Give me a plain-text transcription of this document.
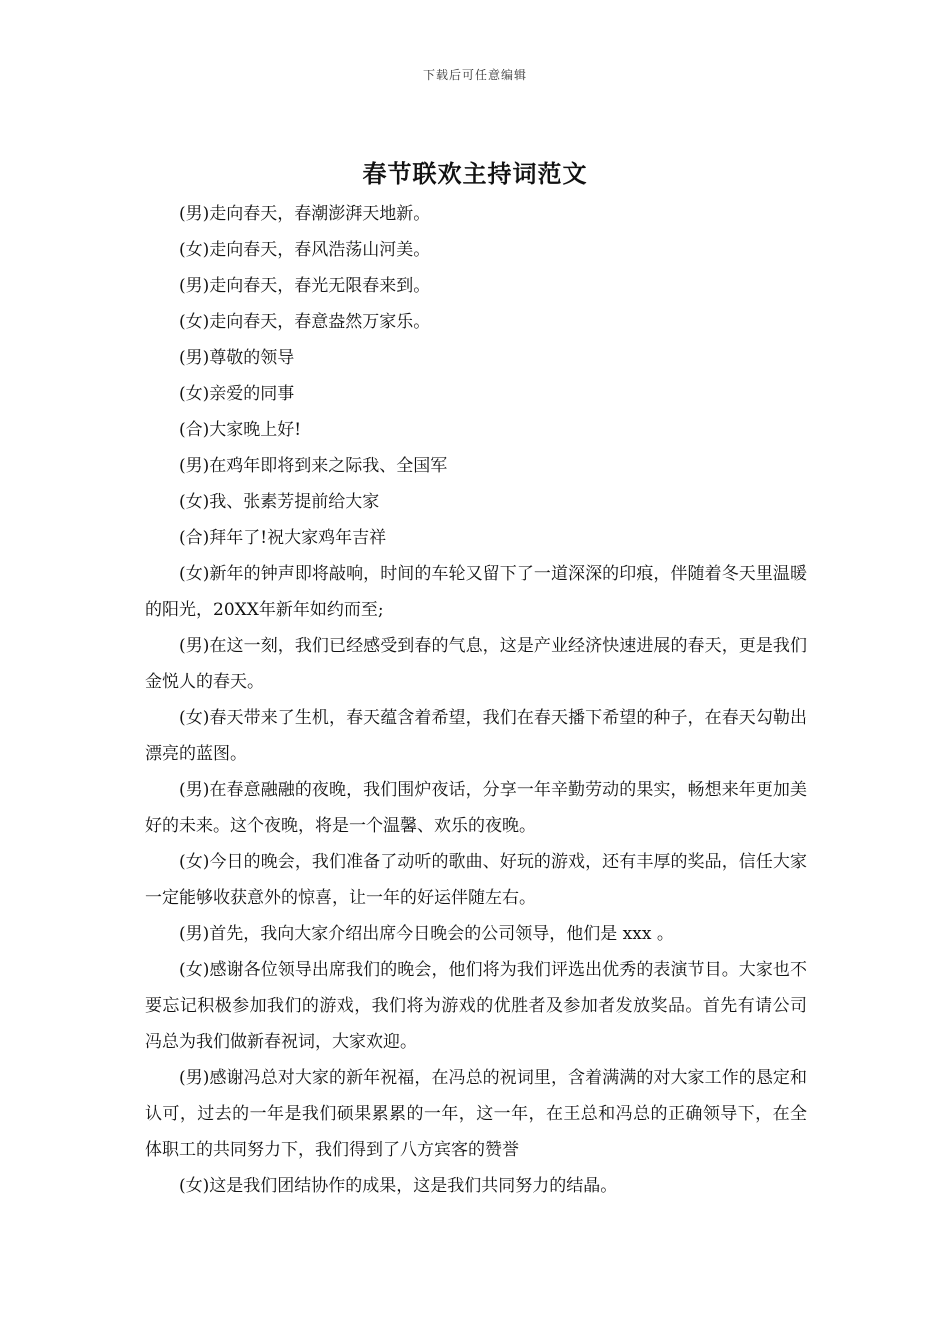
下载后可任意编辑
春节联欢主持词范文

(男)走向春天，春潮澎湃天地新。

(女)走向春天，春风浩荡山河美。

(男)走向春天，春光无限春来到。

(女)走向春天，春意盎然万家乐。

(男)尊敬的领导

(女)亲爱的同事

(合)大家晚上好!

(男)在鸡年即将到来之际我、全国军

(女)我、张素芳提前给大家

(合)拜年了!祝大家鸡年吉祥

(女)新年的钟声即将敲响，时间的车轮又留下了一道深深的印痕，伴随着冬天里温暖的阳光，20XX年新年如约而至;

(男)在这一刻，我们已经感受到春的气息，这是产业经济快速进展的春天，更是我们金悦人的春天。

(女)春天带来了生机，春天蕴含着希望，我们在春天播下希望的种子，在春天勾勒出漂亮的蓝图。

(男)在春意融融的夜晚，我们围炉夜话，分享一年辛勤劳动的果实，畅想来年更加美好的未来。这个夜晚，将是一个温馨、欢乐的夜晚。

(女)今日的晚会，我们准备了动听的歌曲、好玩的游戏，还有丰厚的奖品，信任大家一定能够收获意外的惊喜，让一年的好运伴随左右。

(男)首先，我向大家介绍出席今日晚会的公司领导，他们是 xxx 。

(女)感谢各位领导出席我们的晚会，他们将为我们评选出优秀的表演节目。大家也不要忘记积极参加我们的游戏，我们将为游戏的优胜者及参加者发放奖品。首先有请公司冯总为我们做新春祝词，大家欢迎。

(男)感谢冯总对大家的新年祝福，在冯总的祝词里，含着满满的对大家工作的恳定和认可，过去的一年是我们硕果累累的一年，这一年，在王总和冯总的正确领导下，在全体职工的共同努力下，我们得到了八方宾客的赞誉

(女)这是我们团结协作的成果，这是我们共同努力的结晶。
